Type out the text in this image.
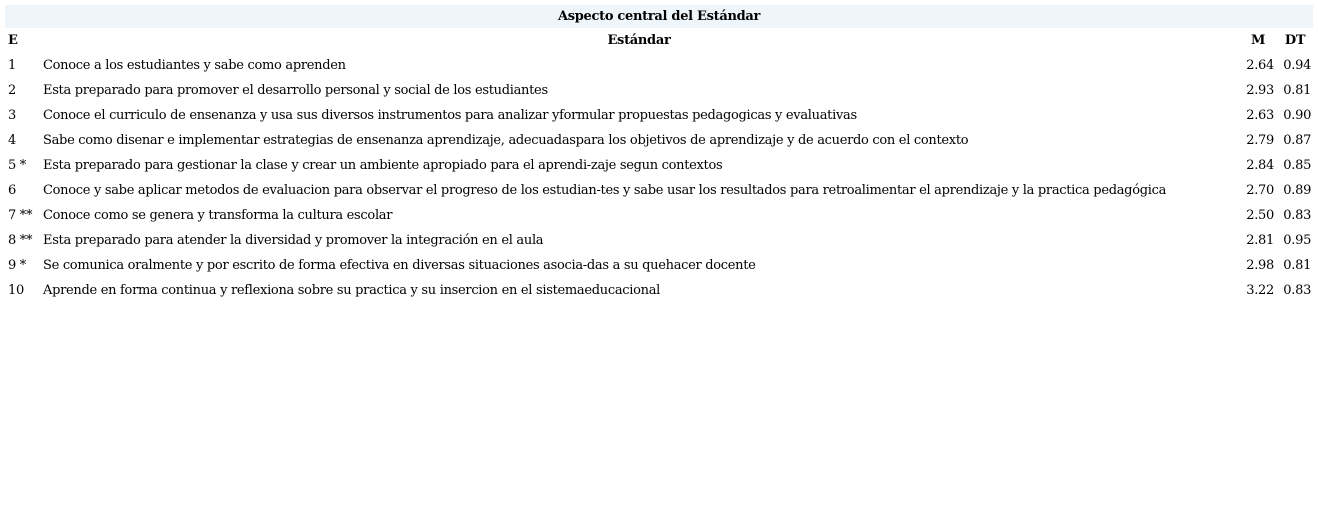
Aspecto central del Estándar			
E	Estándar	M	DT
1	Conoce a los estudiantes y sabe como aprenden	2.64	0.94
2	Esta preparado para promover el desarrollo personal y social de los estudiantes	2.93	0.81
3	Conoce el curriculo de ensenanza y usa sus diversos instrumentos para analizar yformular propuestas pedagogicas y evaluativas	2.63	0.90
4	Sabe como disenar e implementar estrategias de ensenanza aprendizaje, adecuadaspara los objetivos de aprendizaje y de acuerdo con el contexto	2.79	0.87
5 *	Esta preparado para gestionar la clase y crear un ambiente apropiado para el aprendi-zaje segun contextos	2.84	0.85
6	Conoce y sabe aplicar metodos de evaluacion para observar el progreso de los estudian-tes y sabe usar los resultados para retroalimentar el aprendizaje y la practica pedagógica	2.70	0.89
7 **	Conoce como se genera y transforma la cultura escolar	2.50	0.83
8 **	Esta preparado para atender la diversidad y promover la integración en el aula	2.81	0.95
9 *	Se comunica oralmente y por escrito de forma efectiva en diversas situaciones asocia-das a su quehacer docente	2.98	0.81
10	Aprende en forma continua y reflexiona sobre su practica y su insercion en el sistemaeducacional	3.22	0.83
